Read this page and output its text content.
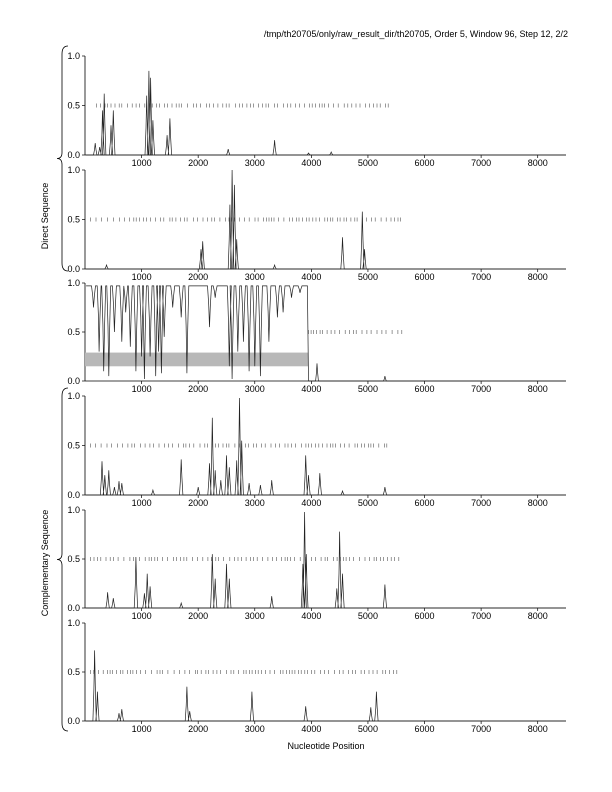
/tmp/th20705/only/raw_result_dir/th20705, Order 5, Window 96, Step 12, 2/2
0.0
0.5
1.0
1000	2000	3000	4000	5000	6000	7000	8000
0.0
0.5
1.0
1000	2000	3000	4000	5000	6000	7000	8000
0.0
0.5
1.0
1000	2000	3000	4000	5000	6000	7000	8000
0.0
0.5
1.0
1000	2000	3000	4000	5000	6000	7000	8000
0.0
0.5
1.0
1000	2000	3000	4000	5000	6000	7000	8000
0.0
0.5
1.0
1000	2000	3000	4000	5000	6000	7000	8000
Direct Sequence
Complementary Sequence
Nucleotide Position
